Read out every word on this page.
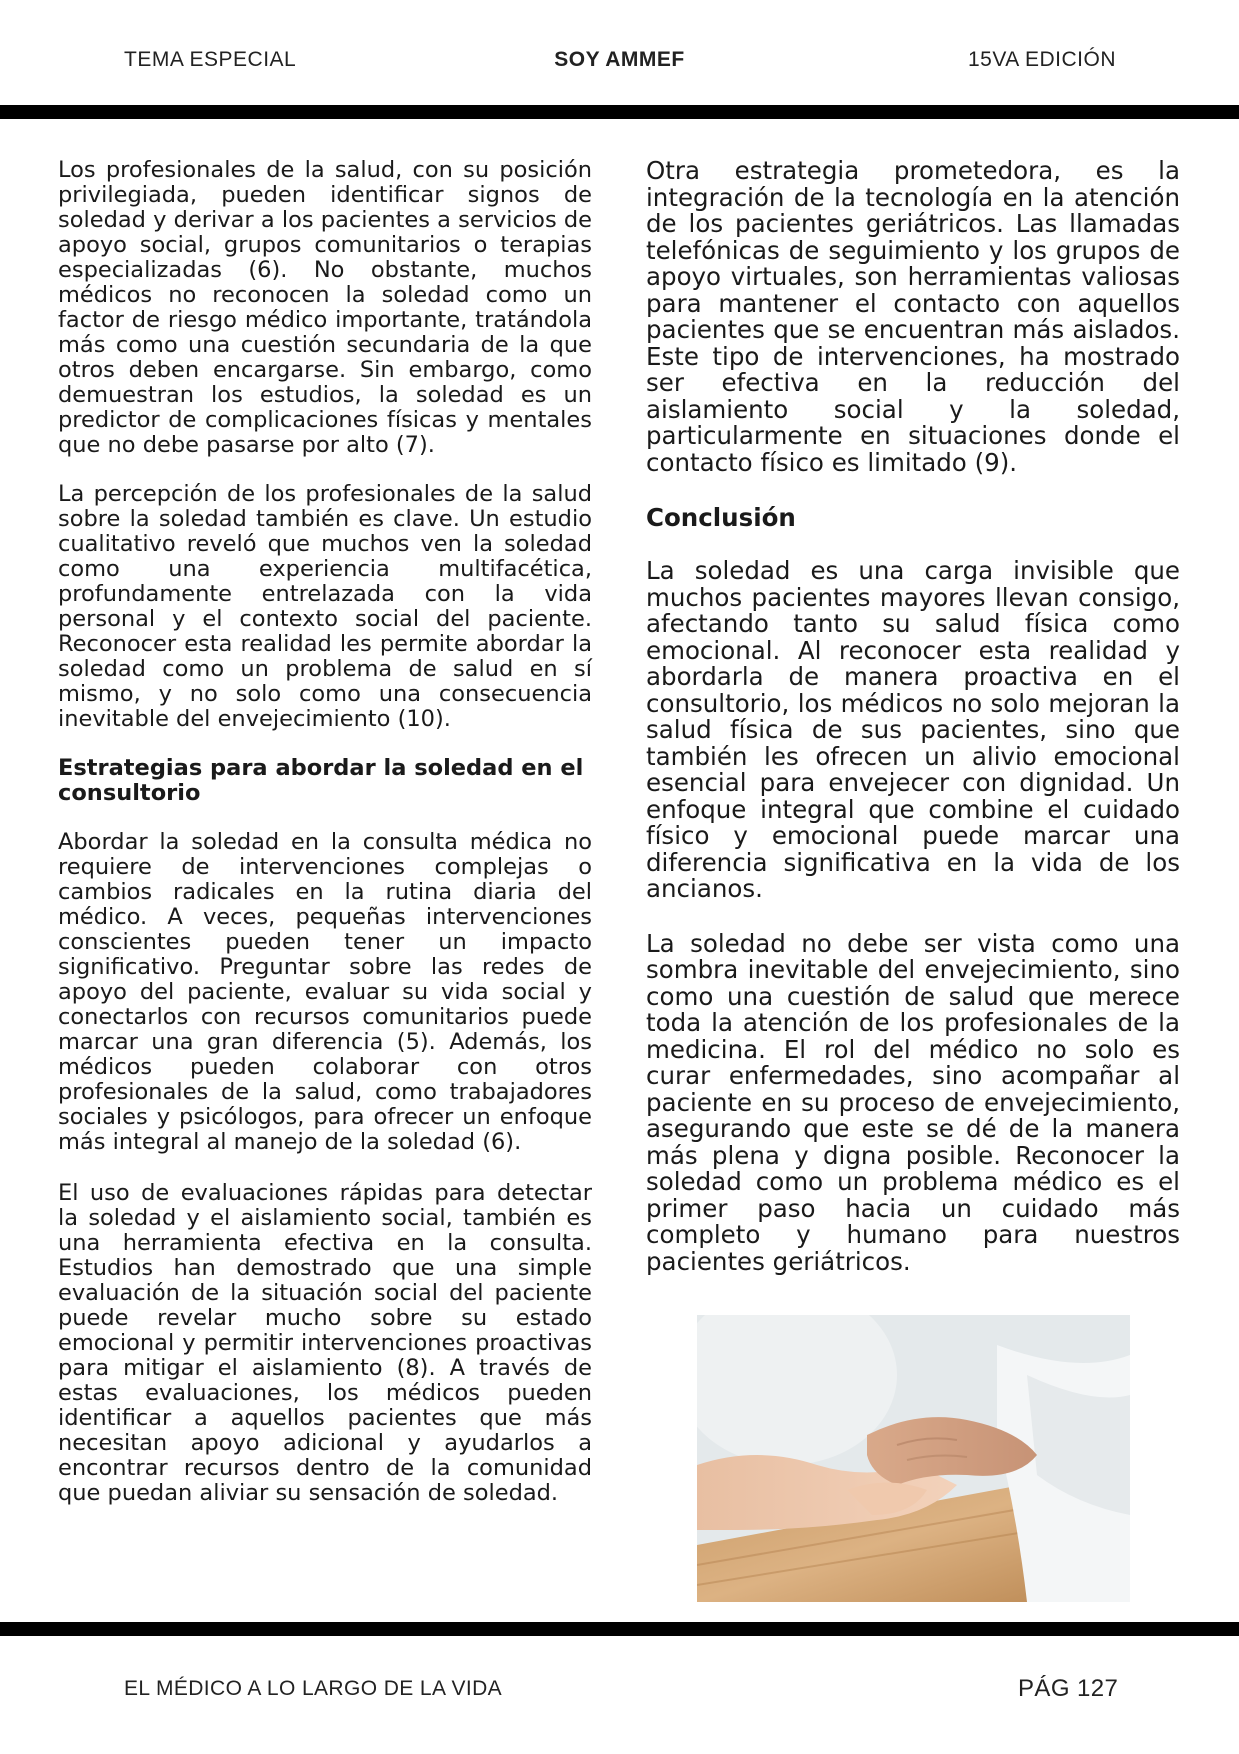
TEMA ESPECIAL	SOY AMMEF	15VA EDICIÓN

Los profesionales de la salud, con su posición privilegiada, pueden identificar signos de soledad y derivar a los pacientes a servicios de apoyo social, grupos comunitarios o terapias especializadas (6). No obstante, muchos médicos no reconocen la soledad como un factor de riesgo médico importante, tratándola más como una cuestión secundaria de la que otros deben encargarse. Sin embargo, como demuestran los estudios, la soledad es un predictor de complicaciones físicas y mentales que no debe pasarse por alto (7).

La percepción de los profesionales de la salud sobre la soledad también es clave. Un estudio cualitativo reveló que muchos ven la soledad como una experiencia multifacética, profundamente entrelazada con la vida personal y el contexto social del paciente. Reconocer esta realidad les permite abordar la soledad como un problema de salud en sí mismo, y no solo como una consecuencia inevitable del envejecimiento (10).

Estrategias para abordar la soledad en el consultorio

Abordar la soledad en la consulta médica no requiere de intervenciones complejas o cambios radicales en la rutina diaria del médico. A veces, pequeñas intervenciones conscientes pueden tener un impacto significativo. Preguntar sobre las redes de apoyo del paciente, evaluar su vida social y conectarlos con recursos comunitarios puede marcar una gran diferencia (5). Además, los médicos pueden colaborar con otros profesionales de la salud, como trabajadores sociales y psicólogos, para ofrecer un enfoque más integral al manejo de la soledad (6).

El uso de evaluaciones rápidas para detectar la soledad y el aislamiento social, también es una herramienta efectiva en la consulta. Estudios han demostrado que una simple evaluación de la situación social del paciente puede revelar mucho sobre su estado emocional y permitir intervenciones proactivas para mitigar el aislamiento (8). A través de estas evaluaciones, los médicos pueden identificar a aquellos pacientes que más necesitan apoyo adicional y ayudarlos a encontrar recursos dentro de la comunidad que puedan aliviar su sensación de soledad.

Otra estrategia prometedora, es la integración de la tecnología en la atención de los pacientes geriátricos. Las llamadas telefónicas de seguimiento y los grupos de apoyo virtuales, son herramientas valiosas para mantener el contacto con aquellos pacientes que se encuentran más aislados. Este tipo de intervenciones, ha mostrado ser efectiva en la reducción del aislamiento social y la soledad, particularmente en situaciones donde el contacto físico es limitado (9).

Conclusión

La soledad es una carga invisible que muchos pacientes mayores llevan consigo, afectando tanto su salud física como emocional. Al reconocer esta realidad y abordarla de manera proactiva en el consultorio, los médicos no solo mejoran la salud física de sus pacientes, sino que también les ofrecen un alivio emocional esencial para envejecer con dignidad. Un enfoque integral que combine el cuidado físico y emocional puede marcar una diferencia significativa en la vida de los ancianos.

La soledad no debe ser vista como una sombra inevitable del envejecimiento, sino como una cuestión de salud que merece toda la atención de los profesionales de la medicina. El rol del médico no solo es curar enfermedades, sino acompañar al paciente en su proceso de envejecimiento, asegurando que este se dé de la manera más plena y digna posible. Reconocer la soledad como un problema médico es el primer paso hacia un cuidado más completo y humano para nuestros pacientes geriátricos.

EL MÉDICO A LO LARGO DE LA VIDA	PÁG 127
